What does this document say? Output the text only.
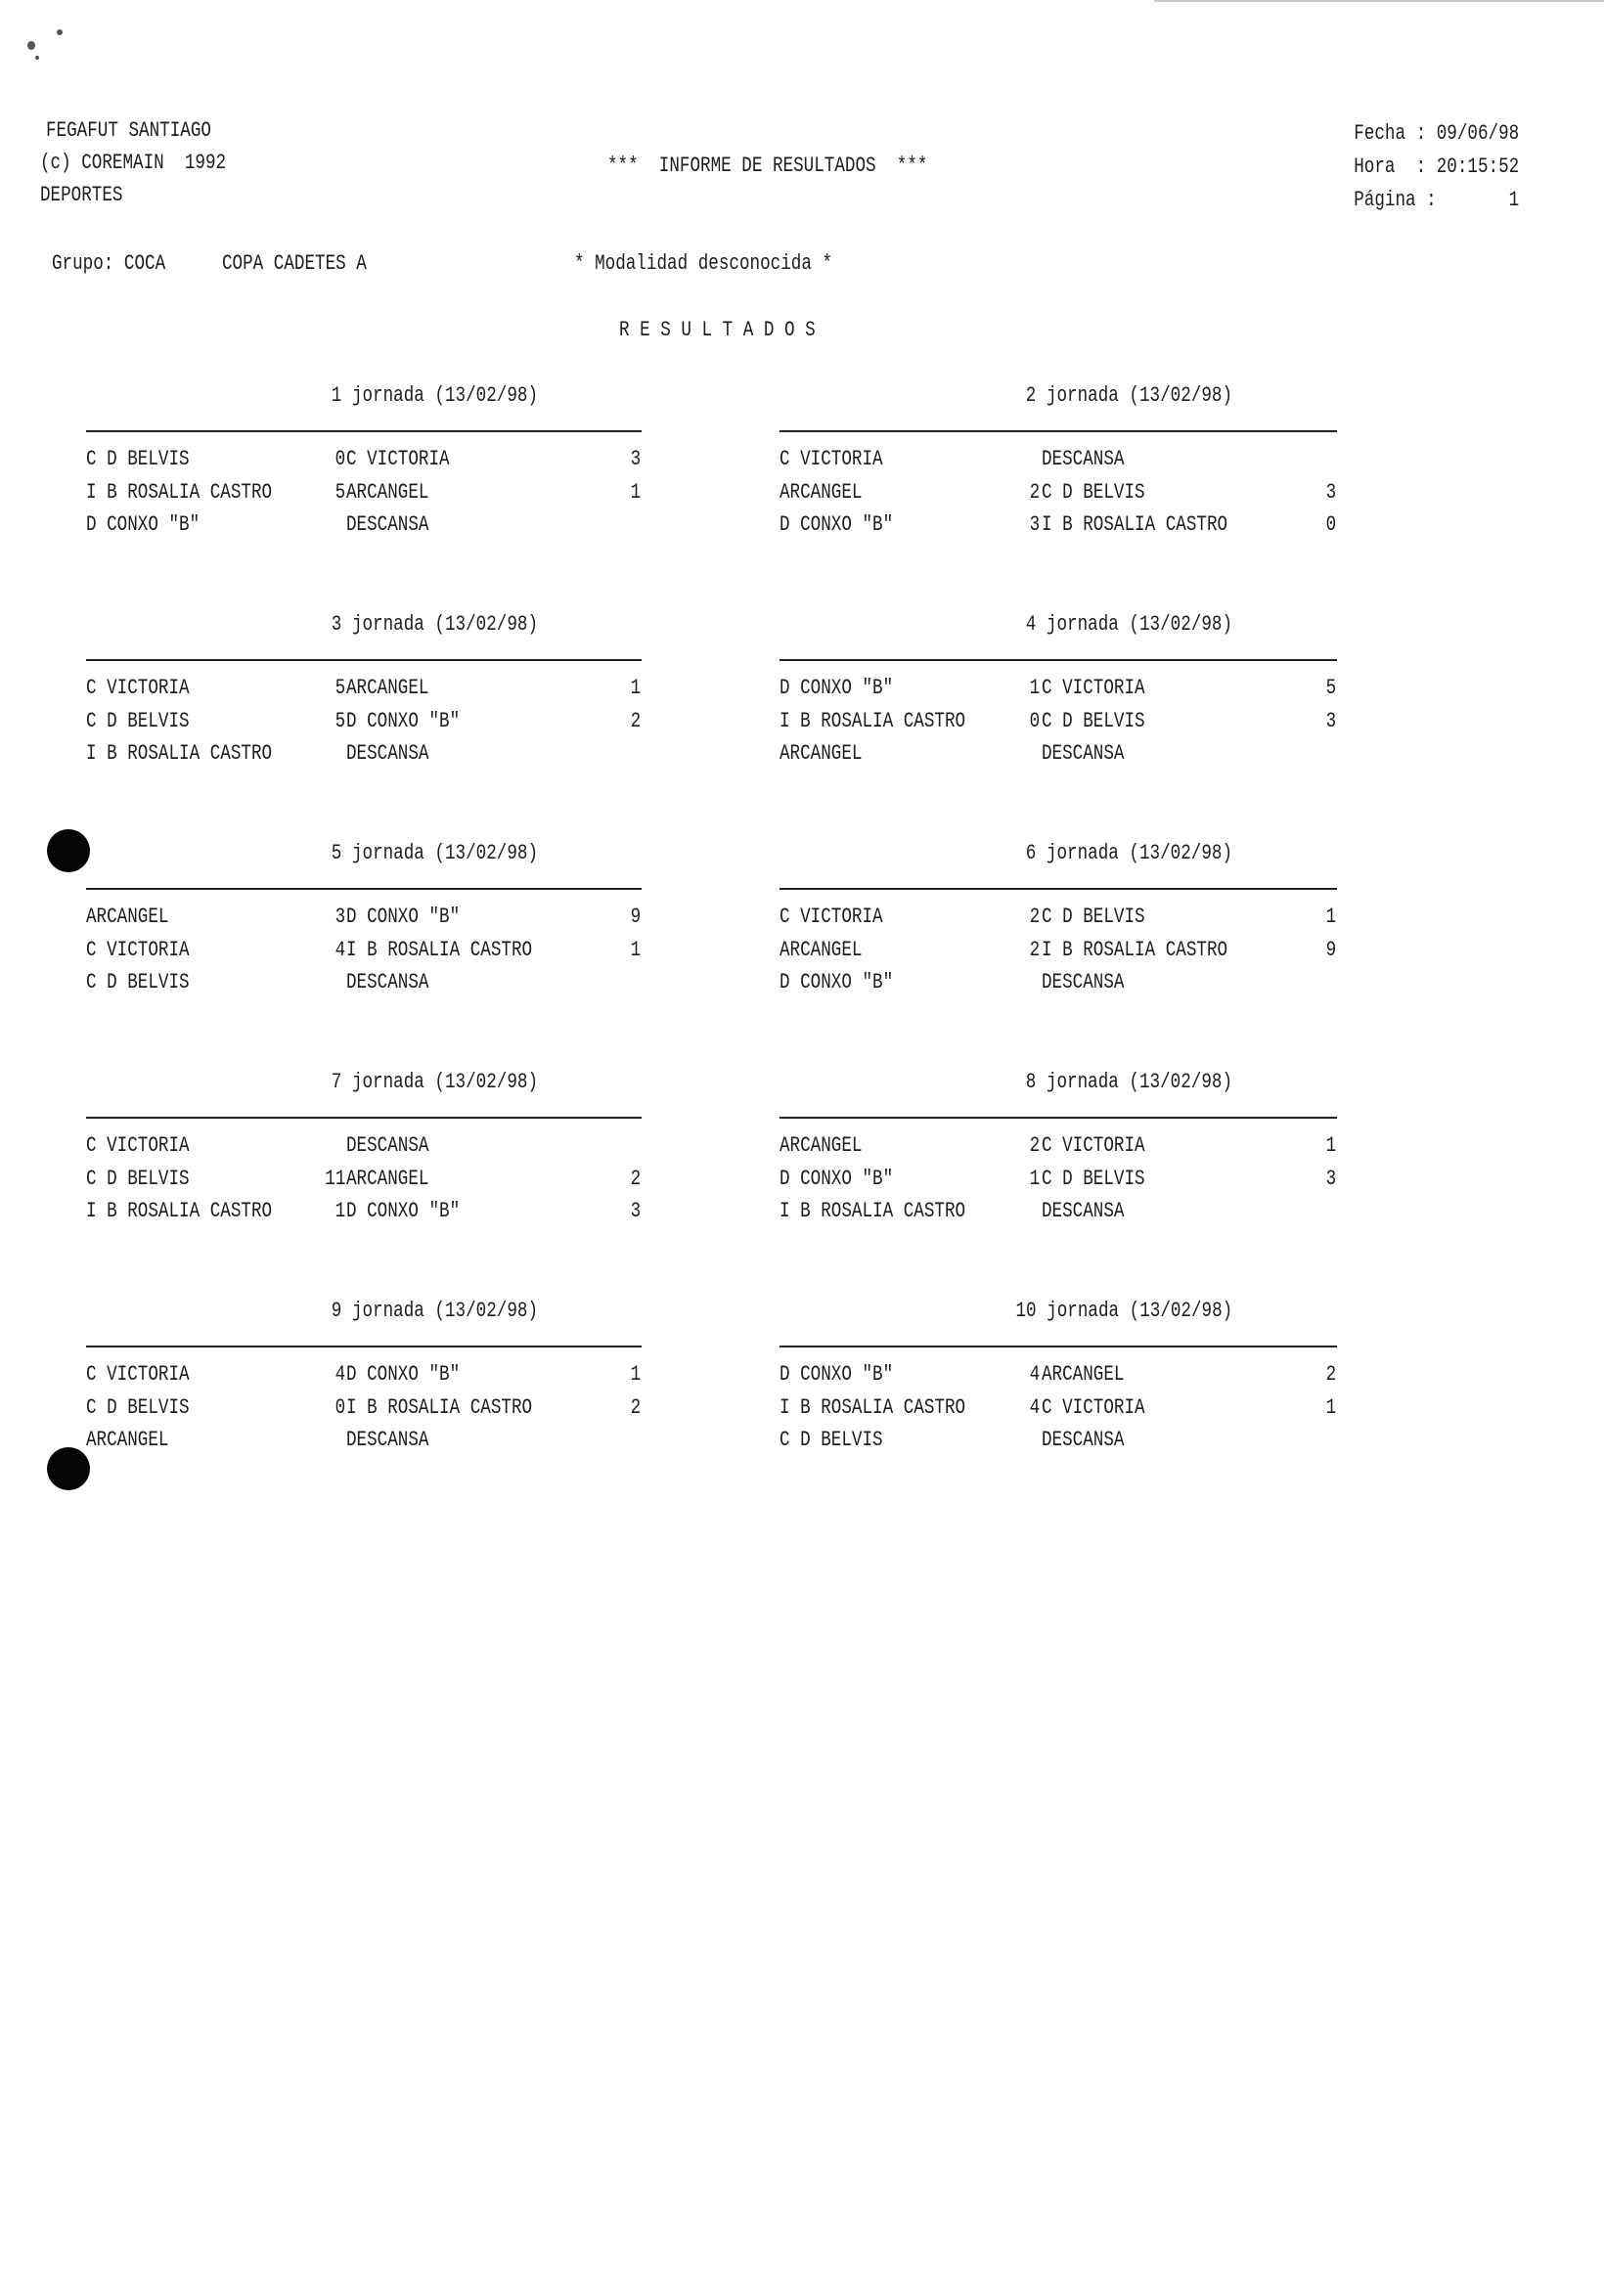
FEGAFUT SANTIAGO
(c) COREMAIN  1992
DEPORTES
***  INFORME DE RESULTADOS  ***
Fecha : 09/06/98
Hora  : 20:15:52
Página :       1
Grupo: COCA	COPA CADETES A	* Modalidad desconocida *
R E S U L T A D O S
1 jornada (13/02/98)
C D BELVIS	0 C VICTORIA	3
I B ROSALIA CASTRO	5 ARCANGEL	1
D CONXO "B"	DESCANSA
2 jornada (13/02/98)
C VICTORIA	DESCANSA
ARCANGEL	2 C D BELVIS	3
D CONXO "B"	3 I B ROSALIA CASTRO	0
3 jornada (13/02/98)
C VICTORIA	5 ARCANGEL	1
C D BELVIS	5 D CONXO "B"	2
I B ROSALIA CASTRO	DESCANSA
4 jornada (13/02/98)
D CONXO "B"	1 C VICTORIA	5
I B ROSALIA CASTRO	0 C D BELVIS	3
ARCANGEL	DESCANSA
5 jornada (13/02/98)
ARCANGEL	3 D CONXO "B"	9
C VICTORIA	4 I B ROSALIA CASTRO	1
C D BELVIS	DESCANSA
6 jornada (13/02/98)
C VICTORIA	2 C D BELVIS	1
ARCANGEL	2 I B ROSALIA CASTRO	9
D CONXO "B"	DESCANSA
7 jornada (13/02/98)
C VICTORIA	DESCANSA
C D BELVIS	11 ARCANGEL	2
I B ROSALIA CASTRO	1 D CONXO "B"	3
8 jornada (13/02/98)
ARCANGEL	2 C VICTORIA	1
D CONXO "B"	1 C D BELVIS	3
I B ROSALIA CASTRO	DESCANSA
9 jornada (13/02/98)
C VICTORIA	4 D CONXO "B"	1
C D BELVIS	0 I B ROSALIA CASTRO	2
ARCANGEL	DESCANSA
10 jornada (13/02/98)
D CONXO "B"	4 ARCANGEL	2
I B ROSALIA CASTRO	4 C VICTORIA	1
C D BELVIS	DESCANSA
